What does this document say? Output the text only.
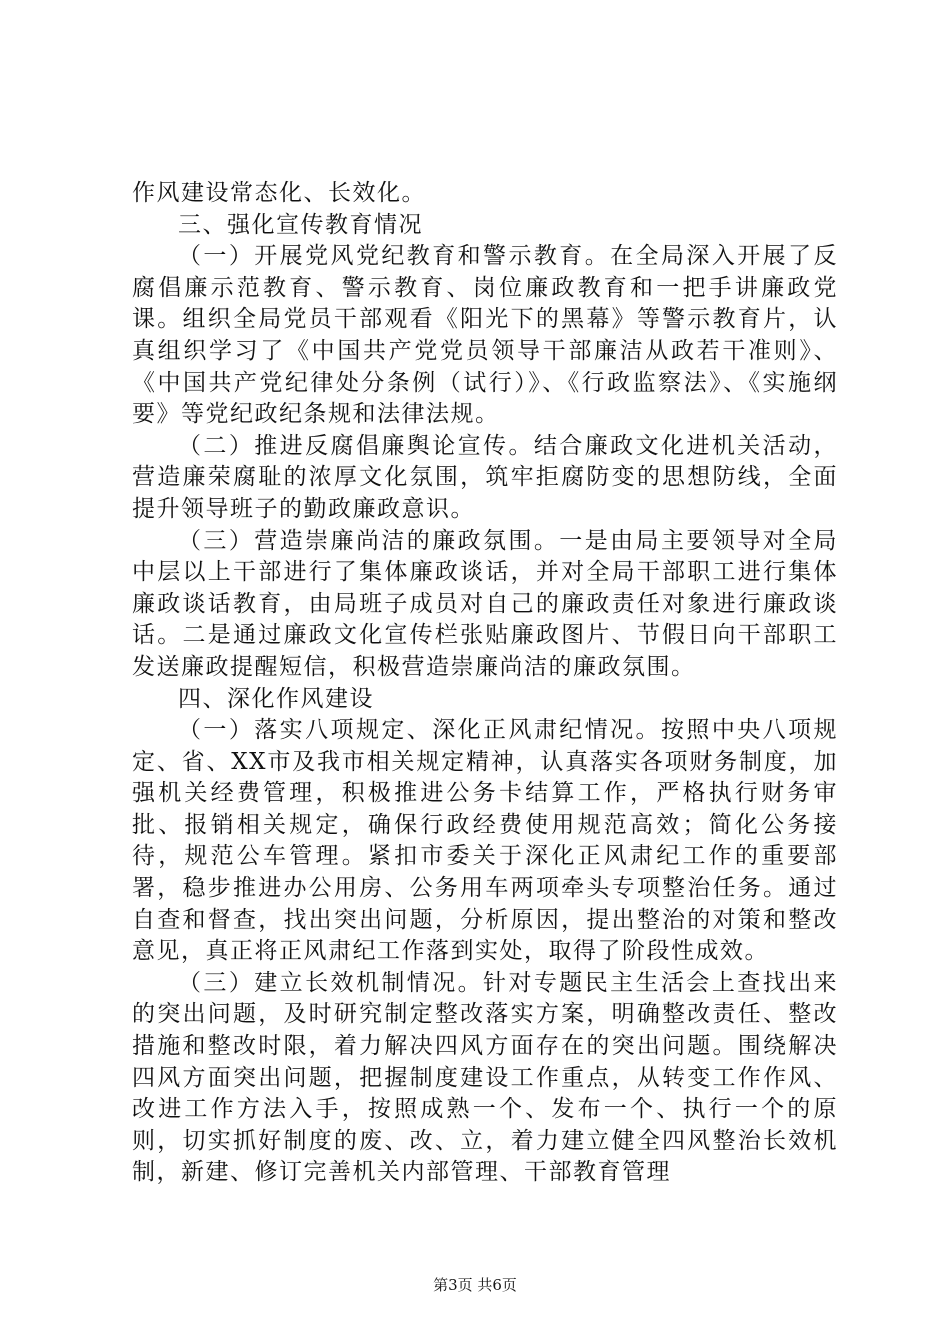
作风建设常态化、长效化。

三、强化宣传教育情况

（一）开展党风党纪教育和警示教育。在全局深入开展了反腐倡廉示范教育、警示教育、岗位廉政教育和一把手讲廉政党课。组织全局党员干部观看《阳光下的黑幕》等警示教育片，认真组织学习了《中国共产党党员领导干部廉洁从政若干准则》、《中国共产党纪律处分条例（试行）》、《行政监察法》、《实施纲要》等党纪政纪条规和法律法规。

（二）推进反腐倡廉舆论宣传。结合廉政文化进机关活动，营造廉荣腐耻的浓厚文化氛围，筑牢拒腐防变的思想防线，全面提升领导班子的勤政廉政意识。

（三）营造崇廉尚洁的廉政氛围。一是由局主要领导对全局中层以上干部进行了集体廉政谈话，并对全局干部职工进行集体廉政谈话教育，由局班子成员对自己的廉政责任对象进行廉政谈话。二是通过廉政文化宣传栏张贴廉政图片、节假日向干部职工发送廉政提醒短信，积极营造崇廉尚洁的廉政氛围。

四、深化作风建设

（一）落实八项规定、深化正风肃纪情况。按照中央八项规定、省、XX市及我市相关规定精神，认真落实各项财务制度，加强机关经费管理，积极推进公务卡结算工作，严格执行财务审批、报销相关规定，确保行政经费使用规范高效；简化公务接待，规范公车管理。紧扣市委关于深化正风肃纪工作的重要部署，稳步推进办公用房、公务用车两项牵头专项整治任务。通过自查和督查，找出突出问题，分析原因，提出整治的对策和整改意见，真正将正风肃纪工作落到实处，取得了阶段性成效。

（三）建立长效机制情况。针对专题民主生活会上查找出来的突出问题，及时研究制定整改落实方案，明确整改责任、整改措施和整改时限，着力解决四风方面存在的突出问题。围绕解决四风方面突出问题，把握制度建设工作重点，从转变工作作风、改进工作方法入手，按照成熟一个、发布一个、执行一个的原则，切实抓好制度的废、改、立，着力建立健全四风整治长效机制，新建、修订完善机关内部管理、干部教育管理

第3页 共6页
